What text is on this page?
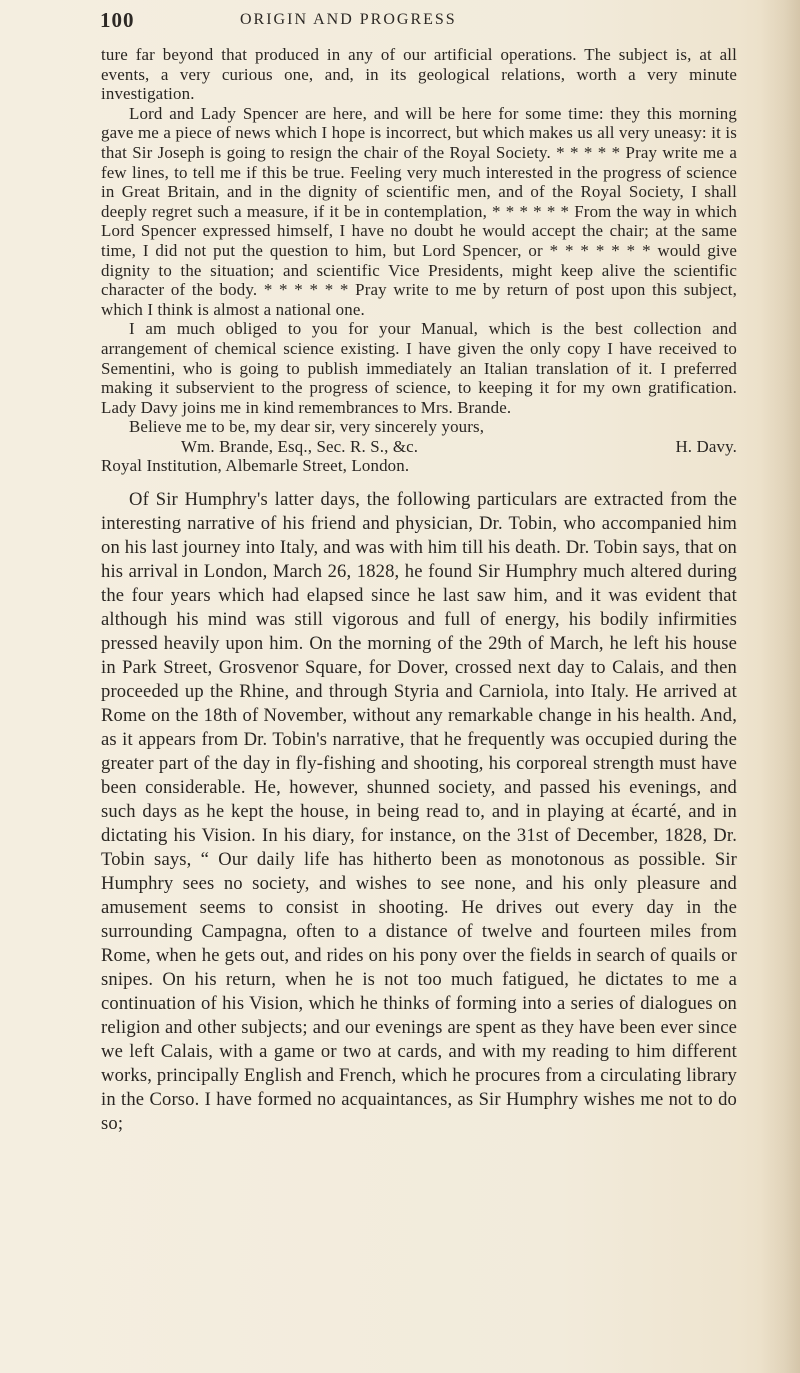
100	ORIGIN AND PROGRESS

ture far beyond that produced in any of our artificial operations. The subject is, at all events, a very curious one, and, in its geological relations, worth a very minute investigation.

Lord and Lady Spencer are here, and will be here for some time: they this morning gave me a piece of news which I hope is incorrect, but which makes us all very uneasy: it is that Sir Joseph is going to resign the chair of the Royal Society. * * * * * Pray write me a few lines, to tell me if this be true. Feeling very much interested in the progress of science in Great Britain, and in the dignity of scientific men, and of the Royal Society, I shall deeply regret such a measure, if it be in contemplation, * * * * * * From the way in which Lord Spencer expressed himself, I have no doubt he would accept the chair; at the same time, I did not put the question to him, but Lord Spencer, or * * * * * * * would give dignity to the situation; and scientific Vice Presidents, might keep alive the scientific character of the body. * * * * * * Pray write to me by return of post upon this subject, which I think is almost a national one.

I am much obliged to you for your Manual, which is the best collection and arrangement of chemical science existing. I have given the only copy I have received to Sementini, who is going to publish immediately an Italian translation of it. I preferred making it subservient to the progress of science, to keeping it for my own gratification. Lady Davy joins me in kind remembrances to Mrs. Brande.

Believe me to be, my dear sir, very sincerely yours,

Wm. Brande, Esq., Sec. R. S., &c.	H. Davy.

Royal Institution, Albemarle Street, London.

Of Sir Humphry's latter days, the following particulars are extracted from the interesting narrative of his friend and physician, Dr. Tobin, who accompanied him on his last journey into Italy, and was with him till his death. Dr. Tobin says, that on his arrival in London, March 26, 1828, he found Sir Humphry much altered during the four years which had elapsed since he last saw him, and it was evident that although his mind was still vigorous and full of energy, his bodily infirmities pressed heavily upon him. On the morning of the 29th of March, he left his house in Park Street, Grosvenor Square, for Dover, crossed next day to Calais, and then proceeded up the Rhine, and through Styria and Carniola, into Italy. He arrived at Rome on the 18th of November, without any remarkable change in his health. And, as it appears from Dr. Tobin's narrative, that he frequently was occupied during the greater part of the day in fly-fishing and shooting, his corporeal strength must have been considerable. He, however, shunned society, and passed his evenings, and such days as he kept the house, in being read to, and in playing at écarté, and in dictating his Vision. In his diary, for instance, on the 31st of December, 1828, Dr. Tobin says, “ Our daily life has hitherto been as monotonous as possible. Sir Humphry sees no society, and wishes to see none, and his only pleasure and amusement seems to consist in shooting. He drives out every day in the surrounding Campagna, often to a distance of twelve and fourteen miles from Rome, when he gets out, and rides on his pony over the fields in search of quails or snipes. On his return, when he is not too much fatigued, he dictates to me a continuation of his Vision, which he thinks of forming into a series of dialogues on religion and other subjects; and our evenings are spent as they have been ever since we left Calais, with a game or two at cards, and with my reading to him different works, principally English and French, which he procures from a circulating library in the Corso. I have formed no acquaintances, as Sir Humphry wishes me not to do so;
